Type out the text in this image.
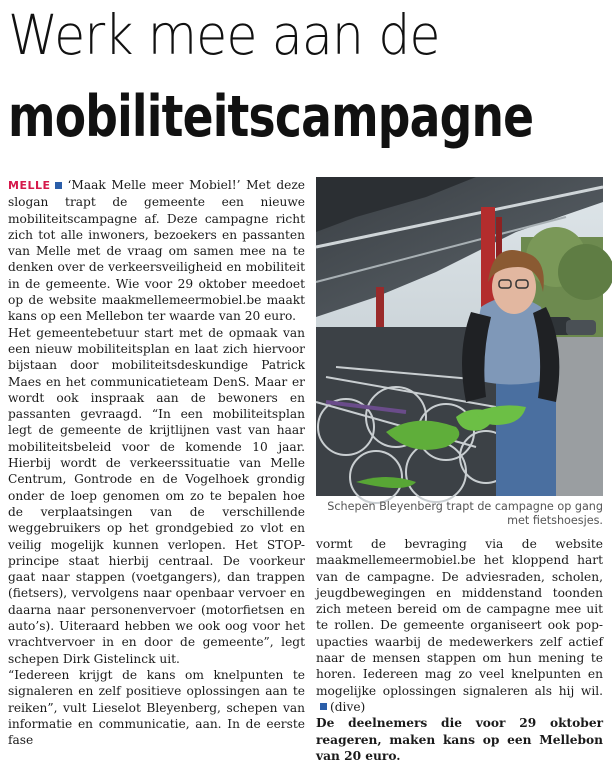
Werk mee aan de
mobiliteitscampagne

MELLE ‘Maak Melle meer Mobiel!’ Met deze slogan trapt de gemeente een nieuwe mobiliteitscampagne af. Deze campagne richt zich tot alle inwoners, bezoekers en passanten van Melle met de vraag om samen mee na te denken over de verkeersveiligheid en mobiliteit in de gemeente. Wie voor 29 oktober meedoet op de website maakmellemeermobiel.be maakt kans op een Mellebon ter waarde van 20 euro.

Het gemeentebetuur start met de opmaak van een nieuw mobiliteitsplan en laat zich hiervoor bijstaan door mobiliteitsdeskundige Patrick Maes en het communicatieteam DenS. Maar er wordt ook inspraak aan de bewoners en passanten gevraagd. “In een mobiliteitsplan legt de gemeente de krijtlijnen vast van haar mobiliteitsbeleid voor de komende 10 jaar. Hierbij wordt de verkeerssituatie van Melle Centrum, Gontrode en de Vogelhoek grondig onder de loep genomen om zo te bepalen hoe de verplaatsingen van de verschillende weggebruikers op het grondgebied zo vlot en veilig mogelijk kunnen verlopen. Het STOP-principe staat hierbij centraal. De voorkeur gaat naar stappen (voetgangers), dan trappen (fietsers), vervolgens naar openbaar vervoer en daarna naar personenvervoer (motorfietsen en auto’s). Uiteraard hebben we ook oog voor het vrachtvervoer in en door de gemeente”, legt schepen Dirk Gistelinck uit.

“Iedereen krijgt de kans om knelpunten te signaleren en zelf positieve oplossingen aan te reiken”, vult Lieselot Bleyenberg, schepen van informatie en communicatie, aan. In de eerste fase

© DIVE
Schepen Bleyenberg trapt de campagne op gang met fietshoesjes.

vormt de bevraging via de website maakmellemeermobiel.be het kloppend hart van de campagne. De adviesraden, scholen, jeugdbewegingen en middenstand toonden zich meteen bereid om de campagne mee uit te rollen. De gemeente organiseert ook pop-upacties waarbij de medewerkers zelf actief naar de mensen stappen om hun mening te horen. Iedereen mag zo veel knelpunten en mogelijke oplossingen signaleren als hij wil.(dive)

De deelnemers die voor 29 oktober reageren, maken kans op een Mellebon van 20 euro.
